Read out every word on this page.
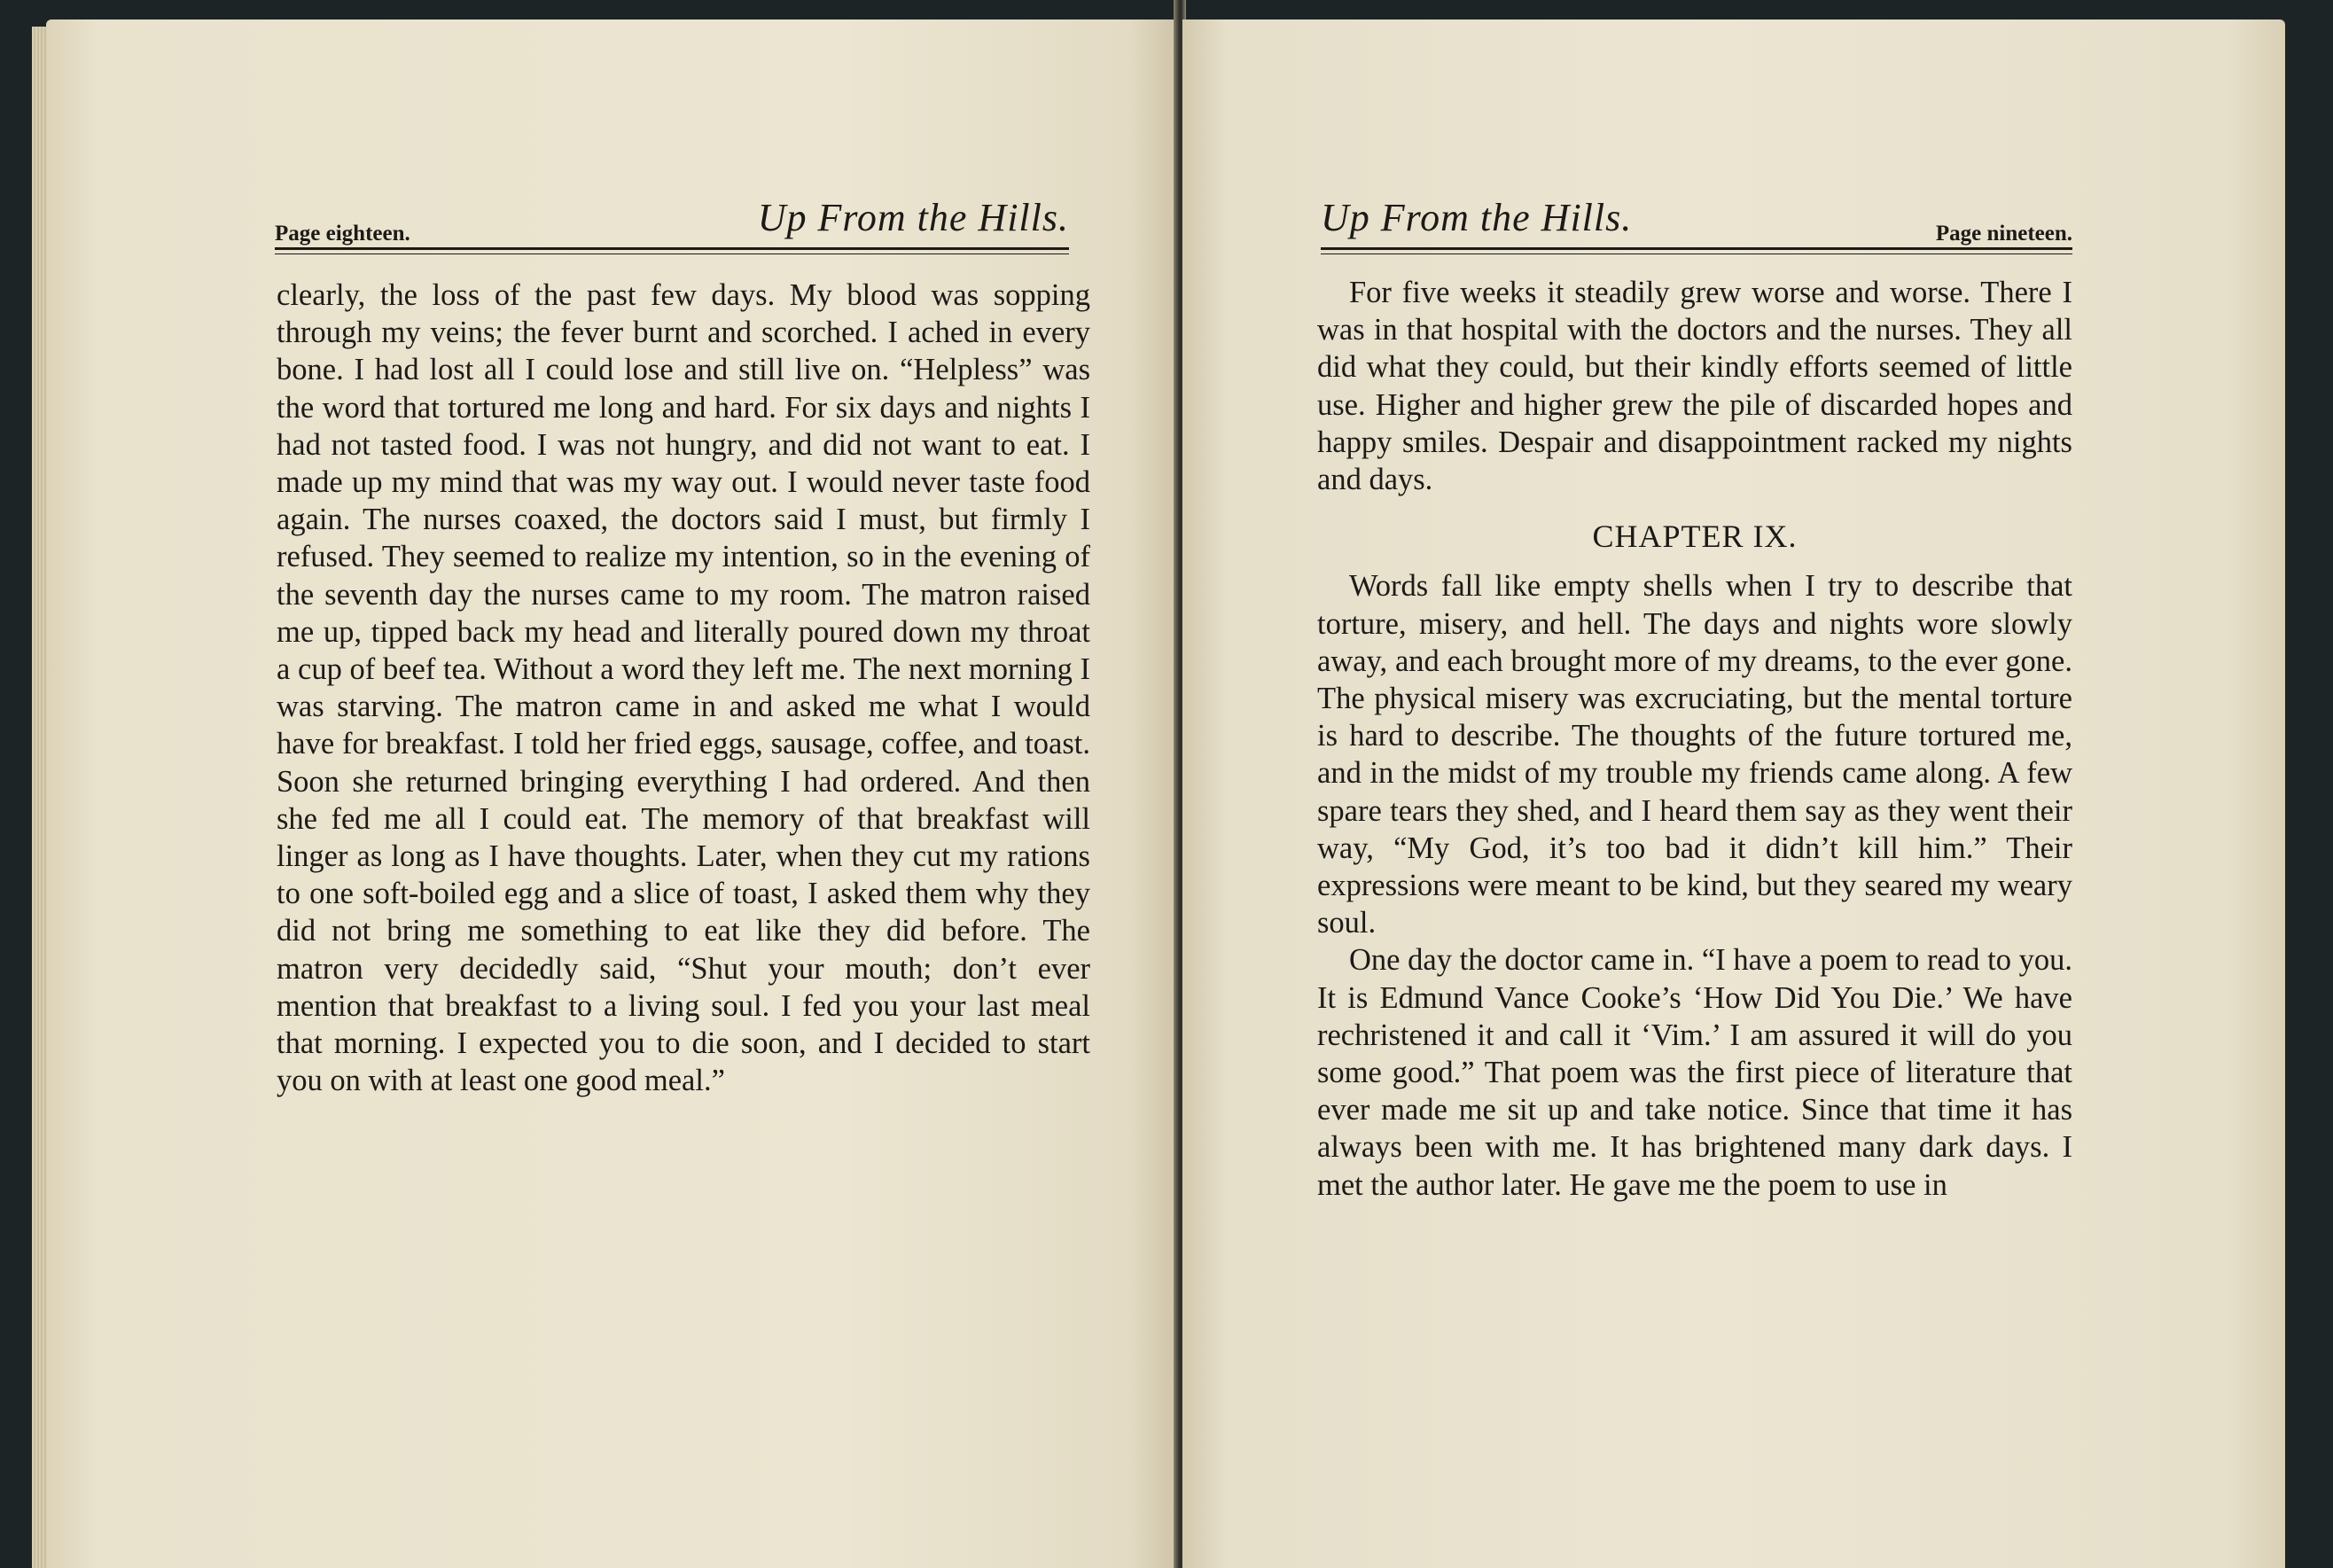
Page eighteen.	Up From the Hills.

clearly, the loss of the past few days. My blood was sopping through my veins; the fever burnt and scorched. I ached in every bone. I had lost all I could lose and still live on. “Helpless” was the word that tortured me long and hard. For six days and nights I had not tasted food. I was not hungry, and did not want to eat. I made up my mind that was my way out. I would never taste food again. The nurses coaxed, the doctors said I must, but firmly I refused. They seemed to realize my intention, so in the evening of the seventh day the nurses came to my room. The matron raised me up, tipped back my head and literally poured down my throat a cup of beef tea. Without a word they left me. The next morning I was starving. The matron came in and asked me what I would have for breakfast. I told her fried eggs, sausage, coffee, and toast. Soon she returned bringing everything I had ordered. And then she fed me all I could eat. The memory of that breakfast will linger as long as I have thoughts. Later, when they cut my rations to one soft-boiled egg and a slice of toast, I asked them why they did not bring me something to eat like they did before. The matron very decidedly said, “Shut your mouth; don’t ever mention that breakfast to a living soul. I fed you your last meal that morning. I expected you to die soon, and I decided to start you on with at least one good meal.”

Up From the Hills.	Page nineteen.

For five weeks it steadily grew worse and worse. There I was in that hospital with the doctors and the nurses. They all did what they could, but their kindly efforts seemed of little use. Higher and higher grew the pile of discarded hopes and happy smiles. Despair and disappointment racked my nights and days.

CHAPTER IX.

Words fall like empty shells when I try to describe that torture, misery, and hell. The days and nights wore slowly away, and each brought more of my dreams, to the ever gone. The physical misery was excruciating, but the mental torture is hard to describe. The thoughts of the future tortured me, and in the midst of my trouble my friends came along. A few spare tears they shed, and I heard them say as they went their way, “My God, it’s too bad it didn’t kill him.” Their expressions were meant to be kind, but they seared my weary soul.

One day the doctor came in. “I have a poem to read to you. It is Edmund Vance Cooke’s ‘How Did You Die.’ We have rechristened it and call it ‘Vim.’ I am assured it will do you some good.” That poem was the first piece of literature that ever made me sit up and take notice. Since that time it has always been with me. It has brightened many dark days. I met the author later. He gave me the poem to use in
